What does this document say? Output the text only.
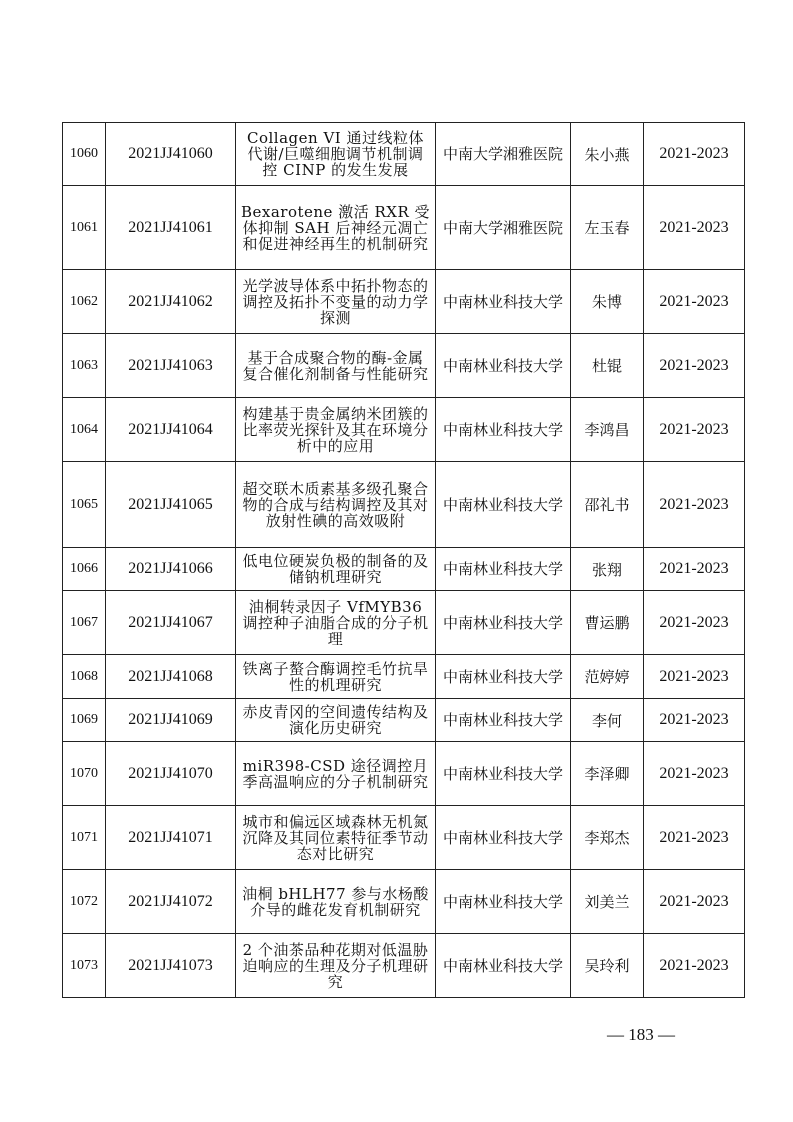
1060	2021JJ41060	Collagen VI 通过线粒体代谢/巨噬细胞调节机制调控 CINP 的发生发展	中南大学湘雅医院	朱小燕	2021-2023
1061	2021JJ41061	Bexarotene 激活 RXR 受体抑制 SAH 后神经元凋亡和促进神经再生的机制研究	中南大学湘雅医院	左玉春	2021-2023
1062	2021JJ41062	光学波导体系中拓扑物态的调控及拓扑不变量的动力学探测	中南林业科技大学	朱博	2021-2023
1063	2021JJ41063	基于合成聚合物的酶-金属复合催化剂制备与性能研究	中南林业科技大学	杜锟	2021-2023
1064	2021JJ41064	构建基于贵金属纳米团簇的比率荧光探针及其在环境分析中的应用	中南林业科技大学	李鸿昌	2021-2023
1065	2021JJ41065	超交联木质素基多级孔聚合物的合成与结构调控及其对放射性碘的高效吸附	中南林业科技大学	邵礼书	2021-2023
1066	2021JJ41066	低电位硬炭负极的制备的及储钠机理研究	中南林业科技大学	张翔	2021-2023
1067	2021JJ41067	油桐转录因子 VfMYB36 调控种子油脂合成的分子机理	中南林业科技大学	曹运鹏	2021-2023
1068	2021JJ41068	铁离子螯合酶调控毛竹抗旱性的机理研究	中南林业科技大学	范婷婷	2021-2023
1069	2021JJ41069	赤皮青冈的空间遗传结构及演化历史研究	中南林业科技大学	李何	2021-2023
1070	2021JJ41070	miR398-CSD 途径调控月季高温响应的分子机制研究	中南林业科技大学	李泽卿	2021-2023
1071	2021JJ41071	城市和偏远区域森林无机氮沉降及其同位素特征季节动态对比研究	中南林业科技大学	李郑杰	2021-2023
1072	2021JJ41072	油桐 bHLH77 参与水杨酸介导的雌花发育机制研究	中南林业科技大学	刘美兰	2021-2023
1073	2021JJ41073	2 个油茶品种花期对低温胁迫响应的生理及分子机理研究	中南林业科技大学	吴玲利	2021-2023
— 183 —
